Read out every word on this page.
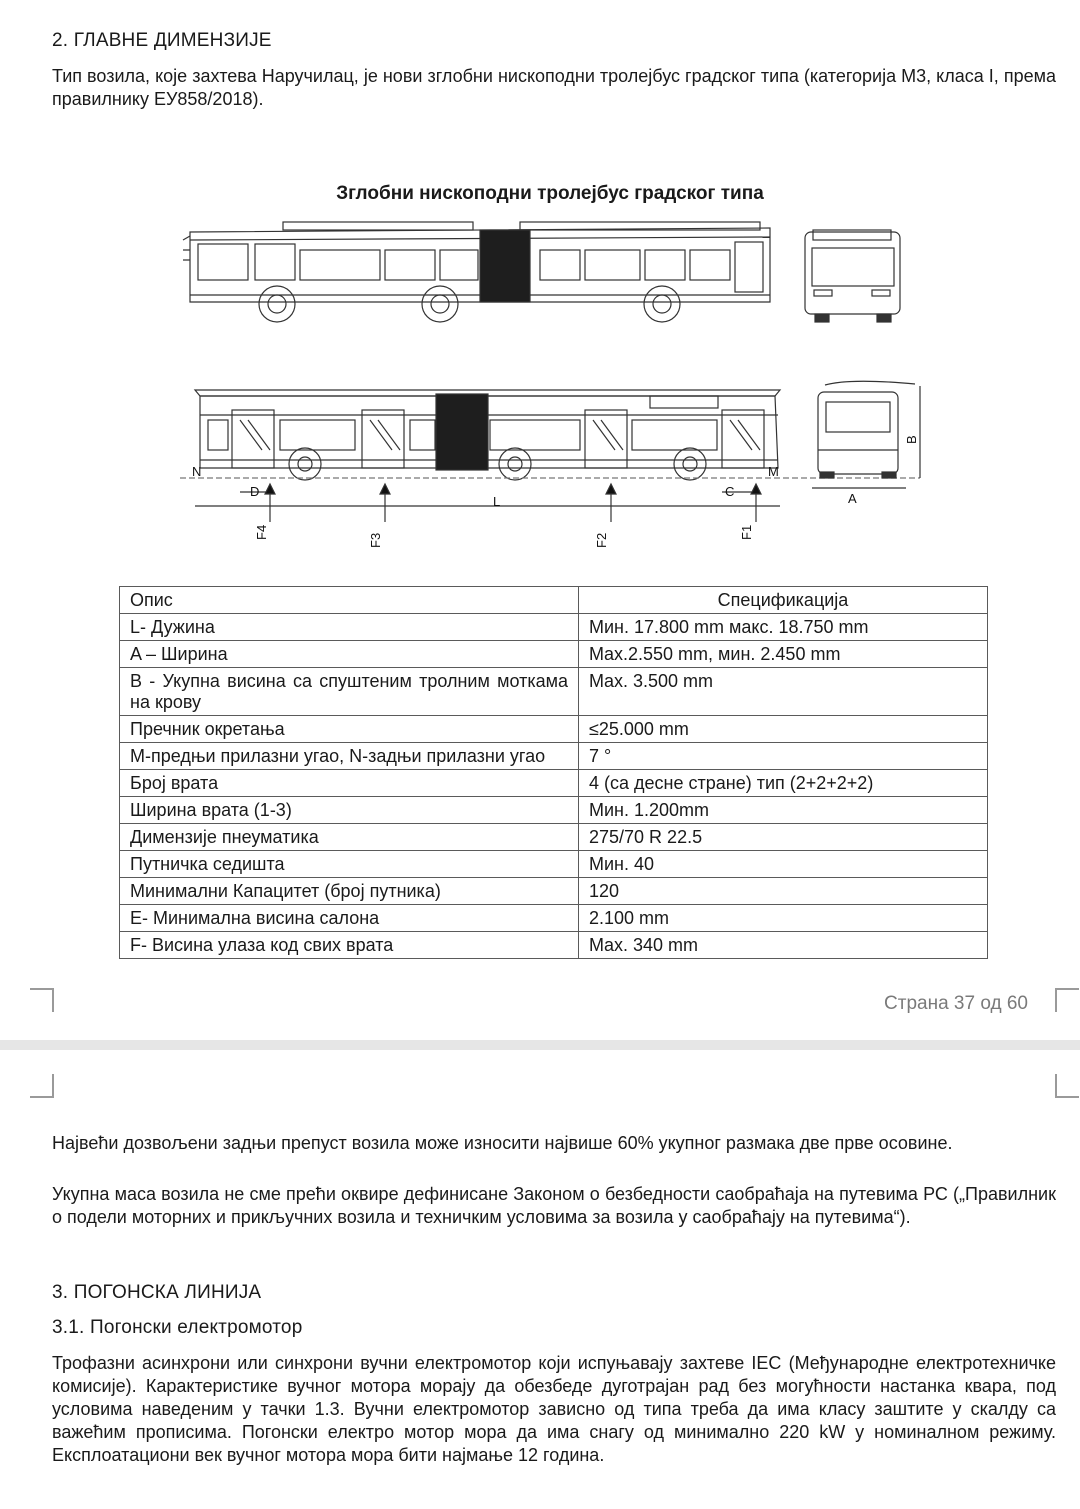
2. ГЛАВНЕ ДИМЕНЗИЈЕ
Тип возила, које захтева Наручилац, је нови зглобни нископодни тролејбус градског типа (категорија М3, класа I, према правилнику ЕУ858/2018).
Зглобни нископодни тролејбус градског типа
D
L
C	A
B
N	M
F4
F3	F2
F1
Опис	Спецификација
L- Дужина	Мин. 17.800 mm макс. 18.750 mm
A – Ширина	Max.2.550 mm, мин. 2.450 mm
B - Укупна висина са спуштеним тролним моткама на крову	Max. 3.500 mm
Пречник окретања	≤25.000 mm
M-предњи прилазни угао, N-задњи прилазни угао	7 °
Број врата	4 (са десне стране) тип (2+2+2+2)
Ширина врата (1-3)	Мин. 1.200mm
Димензије пнеуматика	275/70 R 22.5
Путничка седишта	Мин. 40
Минимални Капацитет (број путника)	120
E- Минимална висина салона	2.100 mm
F- Висина улаза код свих врата	Max. 340 mm
Страна 37 од 60
Највећи дозвољени задњи препуст возила може износити највише 60% укупног размака две прве осовине.
Укупна маса возила не сме прећи оквире дефинисане Законом о безбедности саобраћаја на путевима РС („Правилник о подели моторних и прикључних возила и техничким условима за возила у саобраћају на путевима“).
3. ПОГОНСКА ЛИНИЈА
3.1. Погонски електромотор
Трофазни асинхрони или синхрони вучни електромотор који испуњавају захтеве IEC (Међународне електротехничке комисије). Карактеристике вучног мотора морају да обезбеде дуготрајан рад без могућности настанка квара, под условима наведеним у тачки 1.3. Вучни електромотор зависно од типа треба да има класу заштите у скалду са важећим прописима. Погонски електро мотор мора да има снагу од минимално 220 kW у номиналном режиму. Експлоатациони век вучног мотора мора бити најмање 12 година.
